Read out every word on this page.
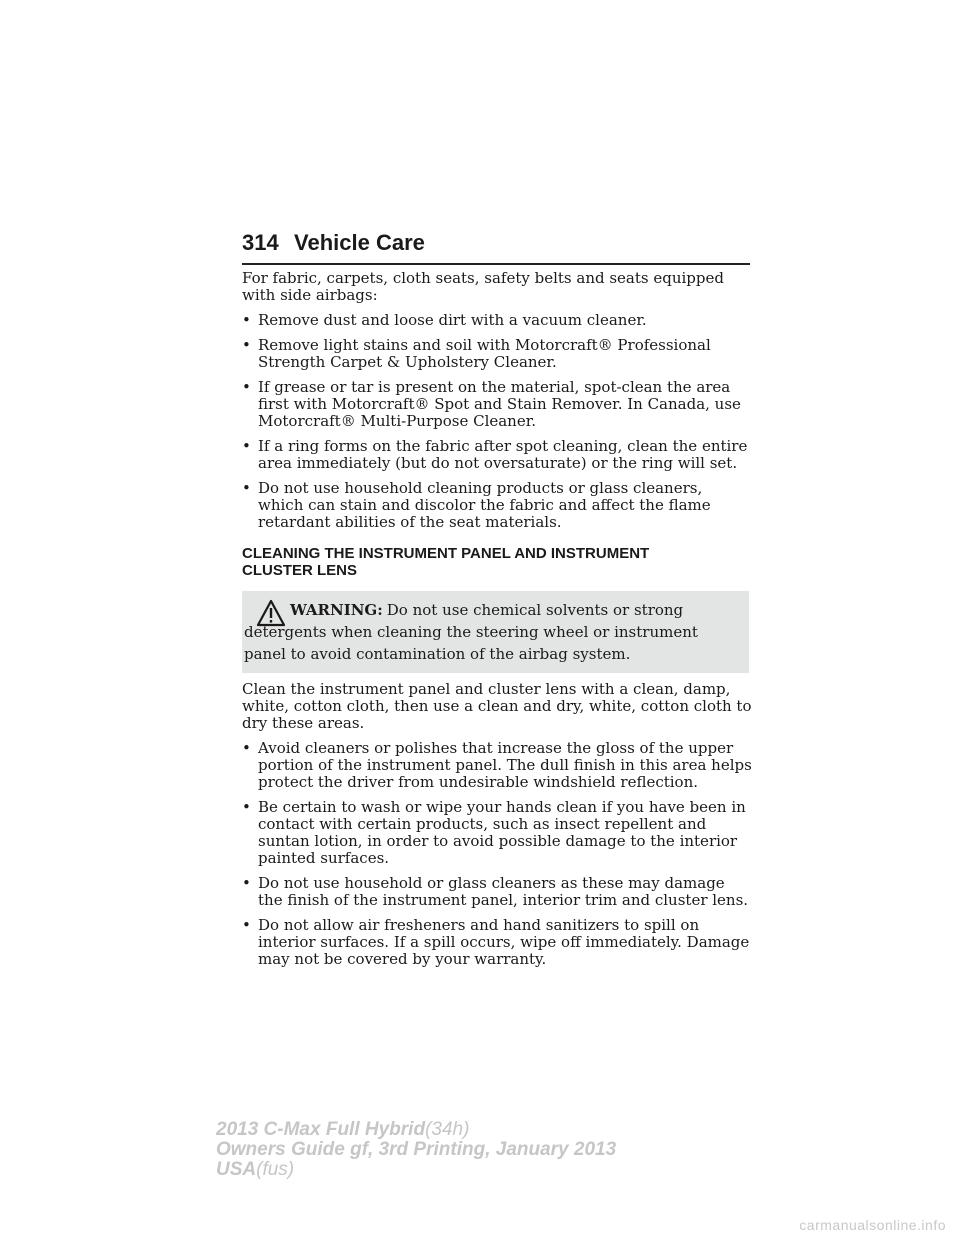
314 Vehicle Care

For fabric, carpets, cloth seats, safety belts and seats equipped with side airbags:

• Remove dust and loose dirt with a vacuum cleaner.
• Remove light stains and soil with Motorcraft® Professional Strength Carpet & Upholstery Cleaner.
• If grease or tar is present on the material, spot-clean the area first with Motorcraft® Spot and Stain Remover. In Canada, use Motorcraft® Multi-Purpose Cleaner.
• If a ring forms on the fabric after spot cleaning, clean the entire area immediately (but do not oversaturate) or the ring will set.
• Do not use household cleaning products or glass cleaners, which can stain and discolor the fabric and affect the flame retardant abilities of the seat materials.
CLEANING THE INSTRUMENT PANEL AND INSTRUMENT CLUSTER LENS

WARNING: Do not use chemical solvents or strong detergents when cleaning the steering wheel or instrument panel to avoid contamination of the airbag system.

Clean the instrument panel and cluster lens with a clean, damp, white, cotton cloth, then use a clean and dry, white, cotton cloth to dry these areas.

• Avoid cleaners or polishes that increase the gloss of the upper portion of the instrument panel. The dull finish in this area helps protect the driver from undesirable windshield reflection.
• Be certain to wash or wipe your hands clean if you have been in contact with certain products, such as insect repellent and suntan lotion, in order to avoid possible damage to the interior painted surfaces.
• Do not use household or glass cleaners as these may damage the finish of the instrument panel, interior trim and cluster lens.
• Do not allow air fresheners and hand sanitizers to spill on interior surfaces. If a spill occurs, wipe off immediately. Damage may not be covered by your warranty.
2013 C-Max Full Hybrid(34h)
Owners Guide gf, 3rd Printing, January 2013
USA(fus)
carmanualsonline.info
